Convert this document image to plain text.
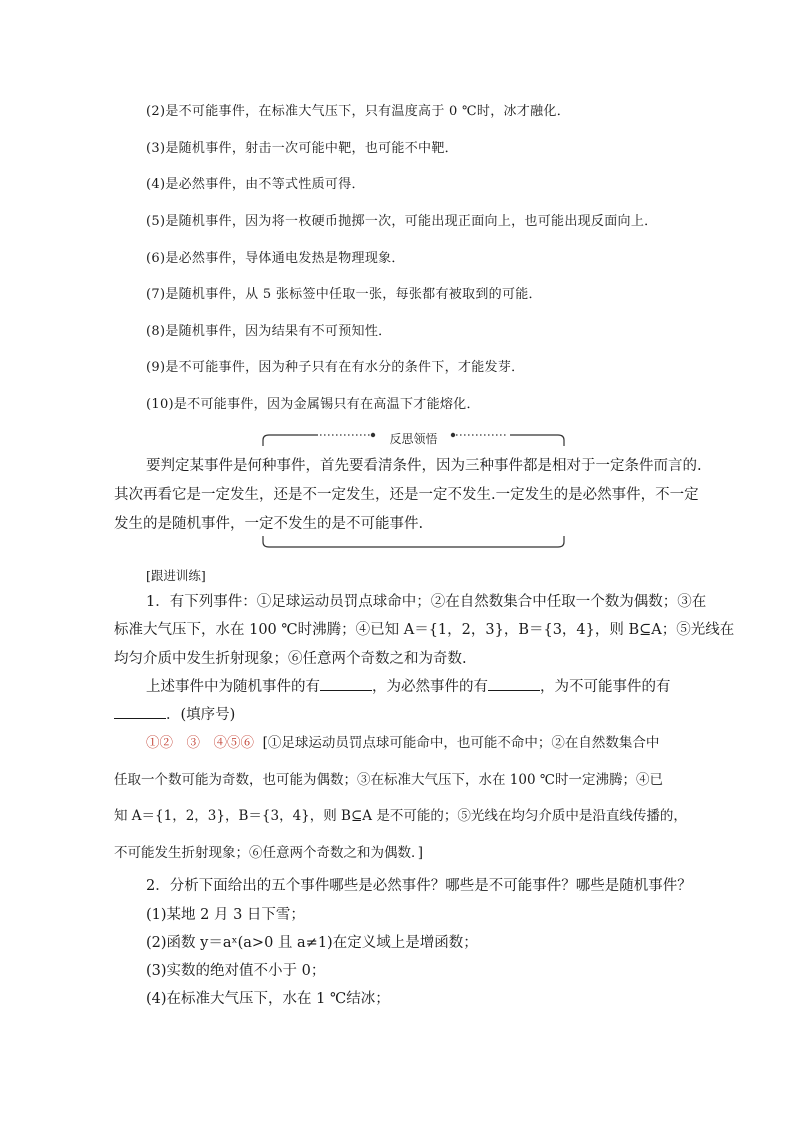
(2)是不可能事件，在标准大气压下，只有温度高于 0 ℃时，冰才融化．
(3)是随机事件，射击一次可能中靶，也可能不中靶．
(4)是必然事件，由不等式性质可得．
(5)是随机事件，因为将一枚硬币抛掷一次，可能出现正面向上，也可能出现反面向上．
(6)是必然事件，导体通电发热是物理现象．
(7)是随机事件，从 5 张标签中任取一张，每张都有被取到的可能．
(8)是随机事件，因为结果有不可预知性．
(9)是不可能事件，因为种子只有在有水分的条件下，才能发芽．
(10)是不可能事件，因为金属锡只有在高温下才能熔化．
反思领悟
要判定某事件是何种事件，首先要看清条件，因为三种事件都是相对于一定条件而言的.
其次再看它是一定发生，还是不一定发生，还是一定不发生.一定发生的是必然事件，不一定
发生的是随机事件，一定不发生的是不可能事件.
[跟进训练]
1．有下列事件：①足球运动员罚点球命中；②在自然数集合中任取一个数为偶数；③在
标准大气压下，水在 100 ℃时沸腾；④已知 A＝{1，2，3}，B＝{3，4}，则 B⊆A；⑤光线在
均匀介质中发生折射现象；⑥任意两个奇数之和为奇数.
上述事件中为随机事件的有	，为必然事件的有	，为不可能事件的有
．(填序号)
①②　③　④⑤⑥ [①足球运动员罚点球可能命中，也可能不命中；②在自然数集合中
任取一个数可能为奇数，也可能为偶数；③在标准大气压下，水在 100 ℃时一定沸腾；④已
知 A＝{1，2，3}，B＝{3，4}，则 B⊆A 是不可能的；⑤光线在均匀介质中是沿直线传播的，
不可能发生折射现象；⑥任意两个奇数之和为偶数．]
2．分析下面给出的五个事件哪些是必然事件？哪些是不可能事件？哪些是随机事件？
(1)某地 2 月 3 日下雪；
(2)函数 y＝aˣ(a>0 且 a≠1)在定义域上是增函数；
(3)实数的绝对值不小于 0；
(4)在标准大气压下，水在 1 ℃结冰；
